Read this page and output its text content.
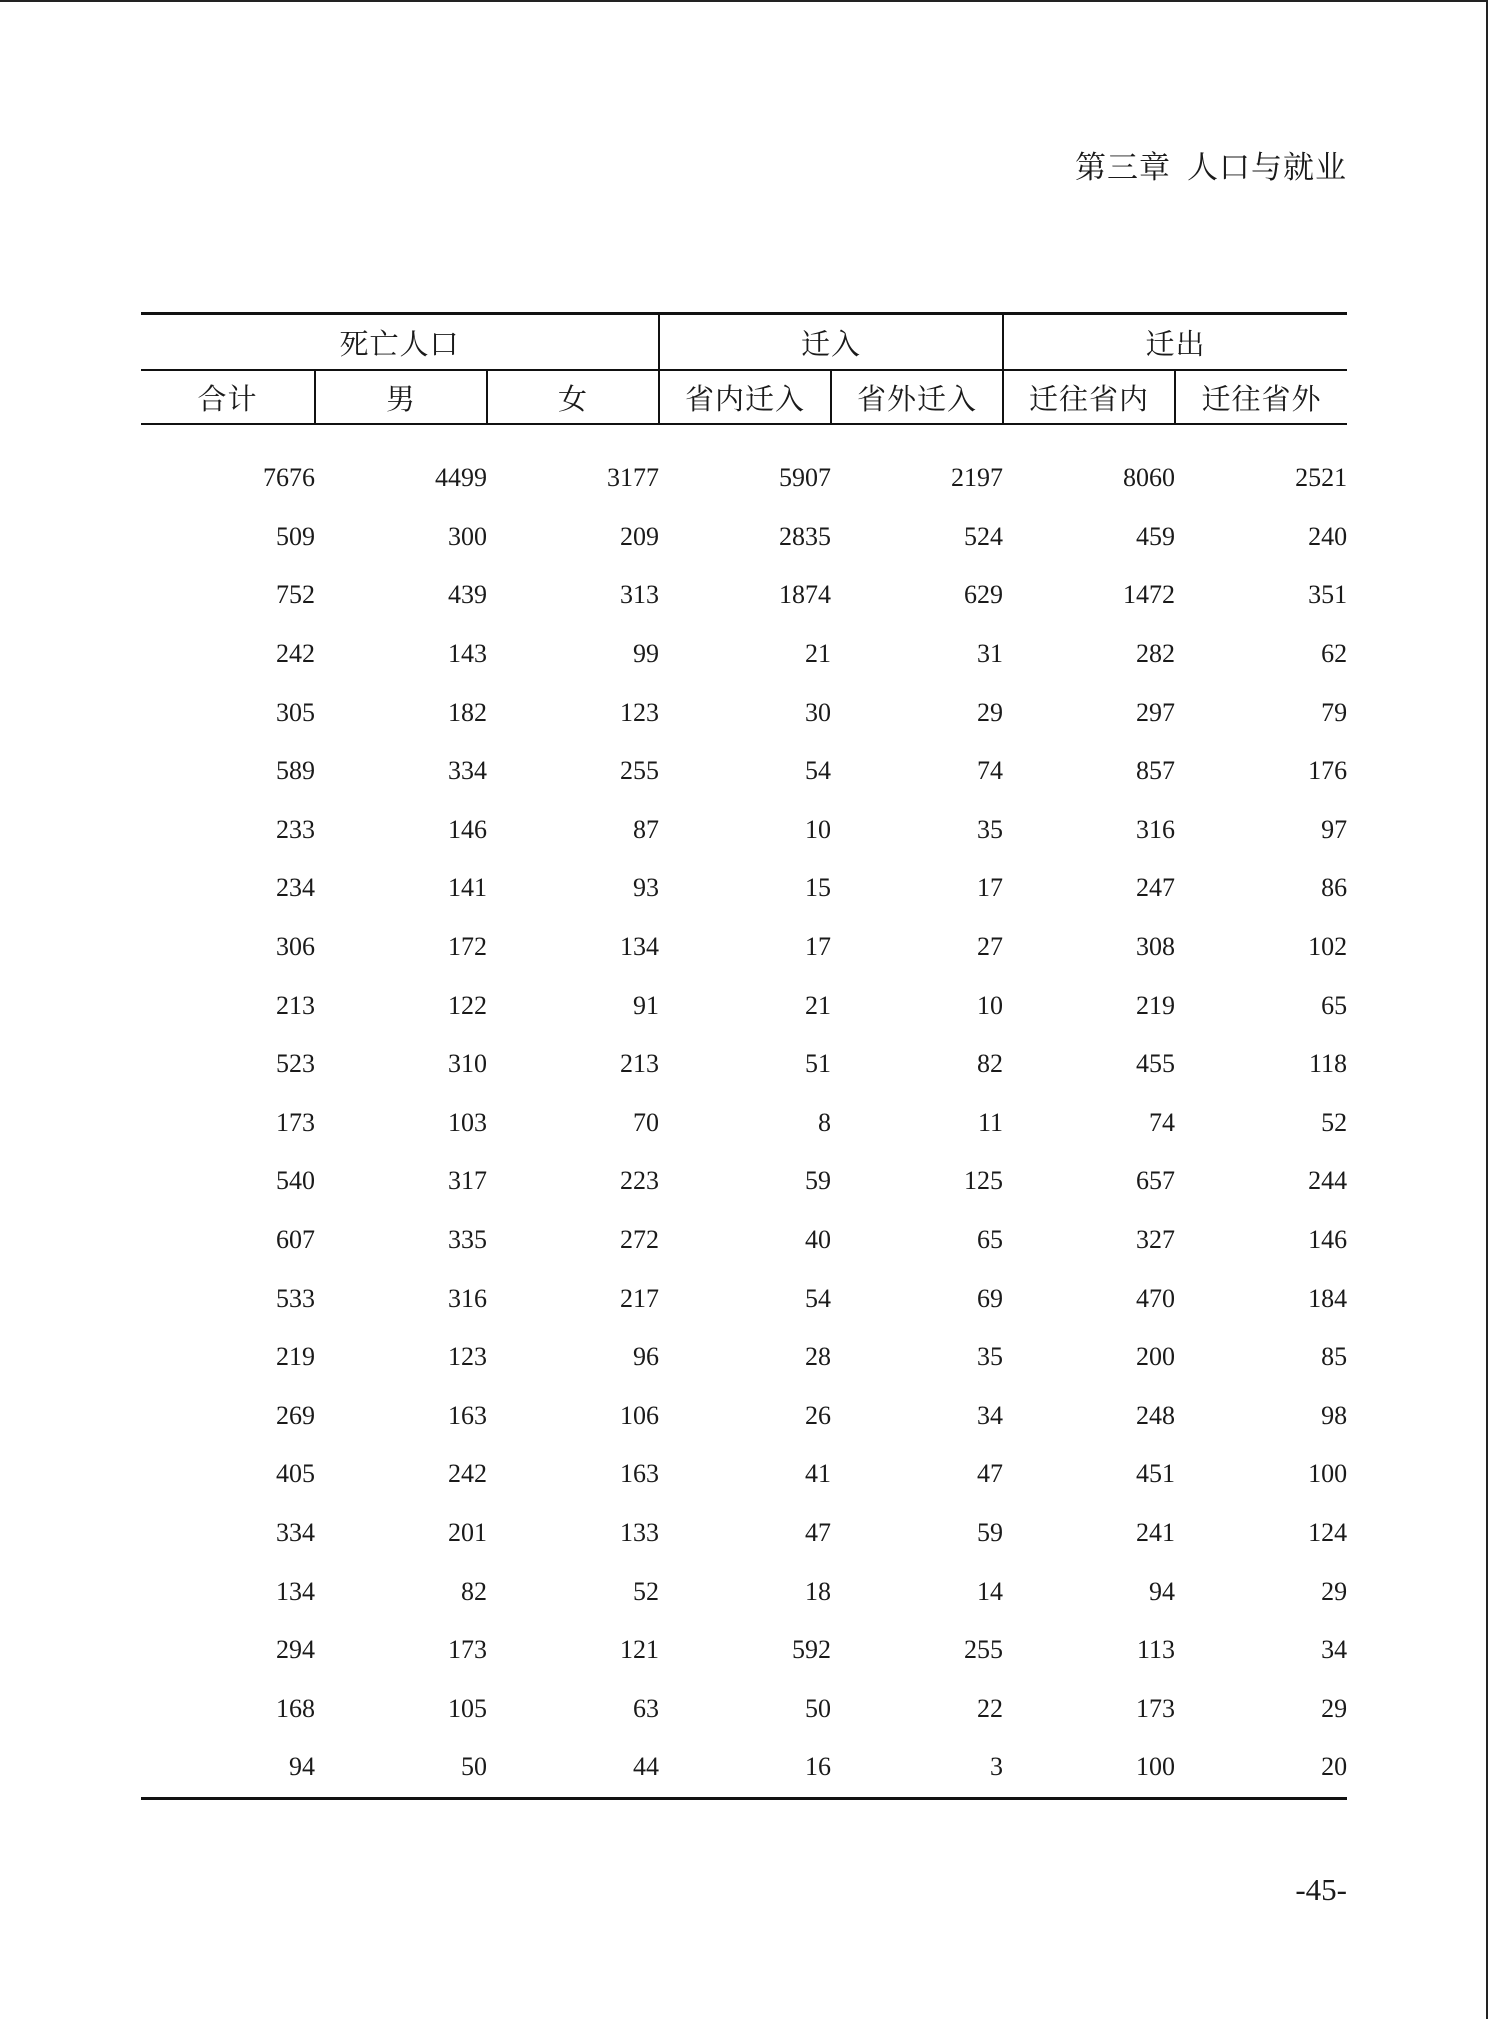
第三章 人口与就业
死亡人口			迁入		迁出	
合计	男	女	省内迁入	省外迁入	迁往省内	迁往省外

7676	4499	3177	5907	2197	8060	2521
509	300	209	2835	524	459	240
752	439	313	1874	629	1472	351
242	143	99	21	31	282	62
305	182	123	30	29	297	79
589	334	255	54	74	857	176
233	146	87	10	35	316	97
234	141	93	15	17	247	86
306	172	134	17	27	308	102
213	122	91	21	10	219	65
523	310	213	51	82	455	118
173	103	70	8	11	74	52
540	317	223	59	125	657	244
607	335	272	40	65	327	146
533	316	217	54	69	470	184
219	123	96	28	35	200	85
269	163	106	26	34	248	98
405	242	163	41	47	451	100
334	201	133	47	59	241	124
134	82	52	18	14	94	29
294	173	121	592	255	113	34
168	105	63	50	22	173	29
94	50	44	16	3	100	20
-45-
